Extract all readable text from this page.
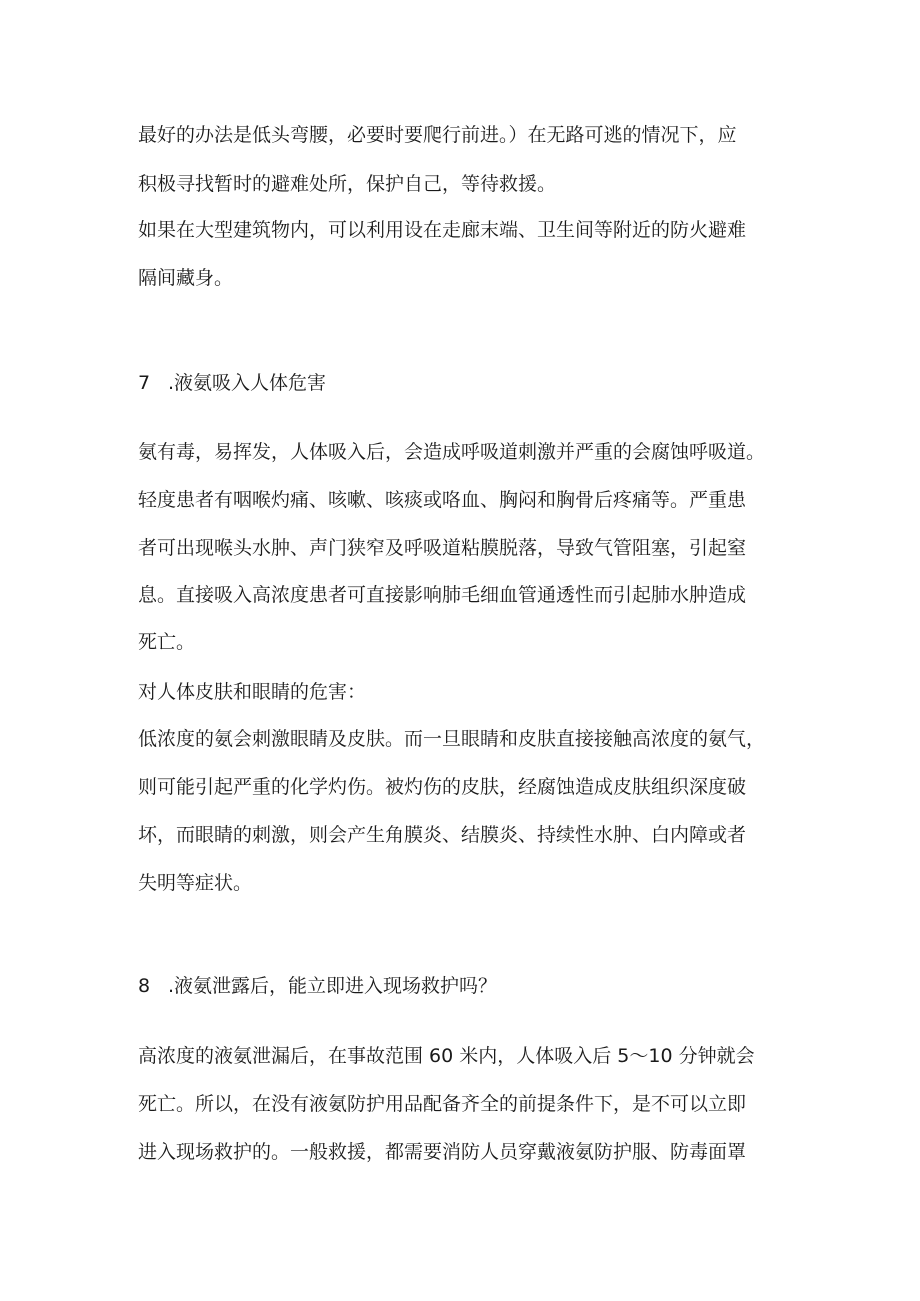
最好的办法是低头弯腰，必要时要爬行前进。）在无路可逃的情况下，应
积极寻找暂时的避难处所，保护自己，等待救援。
如果在大型建筑物内，可以利用设在走廊末端、卫生间等附近的防火避难
隔间藏身。
7 .液氨吸入人体危害
氨有毒，易挥发，人体吸入后，会造成呼吸道刺激并严重的会腐蚀呼吸道。
轻度患者有咽喉灼痛、咳嗽、咳痰或咯血、胸闷和胸骨后疼痛等。严重患
者可出现喉头水肿、声门狭窄及呼吸道粘膜脱落，导致气管阻塞，引起窒
息。直接吸入高浓度患者可直接影响肺毛细血管通透性而引起肺水肿造成
死亡。
对人体皮肤和眼睛的危害：
低浓度的氨会刺激眼睛及皮肤。而一旦眼睛和皮肤直接接触高浓度的氨气，
则可能引起严重的化学灼伤。被灼伤的皮肤，经腐蚀造成皮肤组织深度破
坏，而眼睛的刺激，则会产生角膜炎、结膜炎、持续性水肿、白内障或者
失明等症状。
8 .液氨泄露后，能立即进入现场救护吗？
高浓度的液氨泄漏后，在事故范围 60 米内，人体吸入后 5～10 分钟就会
死亡。所以，在没有液氨防护用品配备齐全的前提条件下，是不可以立即
进入现场救护的。一般救援，都需要消防人员穿戴液氨防护服、防毒面罩
